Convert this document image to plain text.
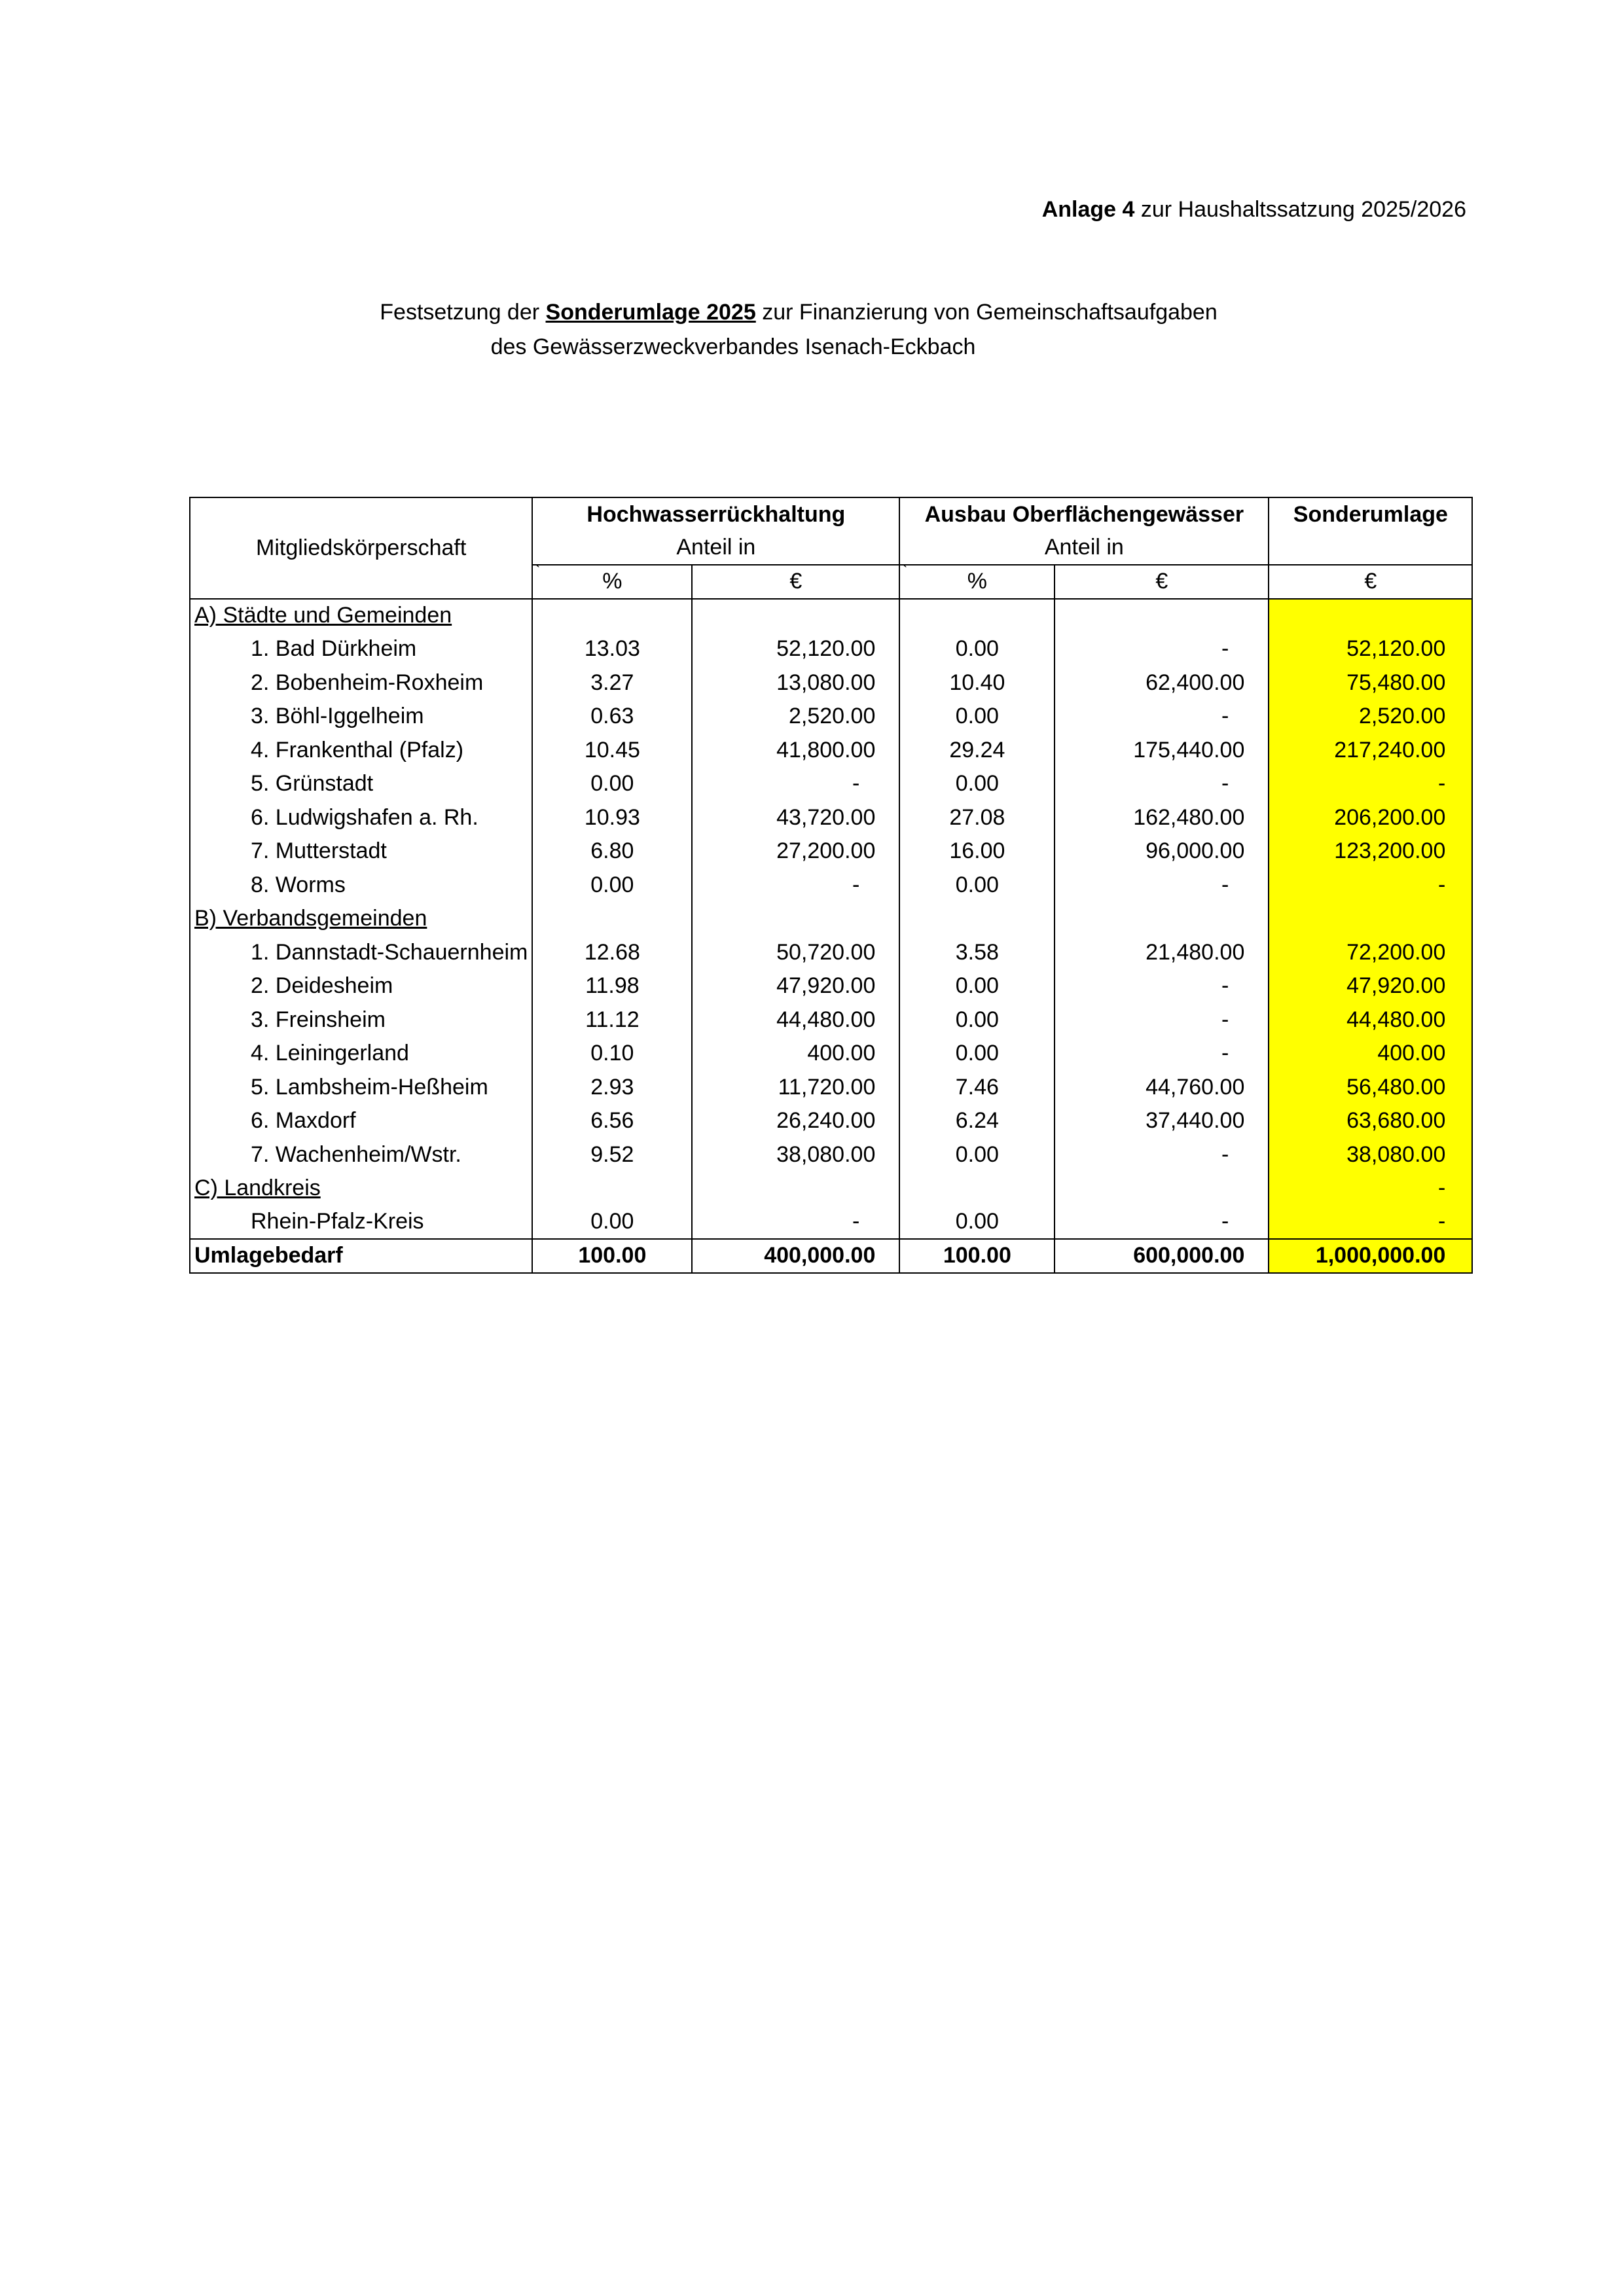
Anlage 4 zur Haushaltssatzung 2025/2026
Festsetzung der Sonderumlage 2025 zur Finanzierung von Gemeinschaftsaufgaben
des Gewässerzweckverbandes Isenach-Eckbach
	Hochwasserrückhaltung		Ausbau Oberflächengewässer		Sonderumlage
Mitgliedskörperschaft	Anteil in		Anteil in		
	` %	€	` %	€	€
A) Städte und Gemeinden					
1. Bad Dürkheim	13.03	52,120.00	0.00	-	52,120.00
2. Bobenheim-Roxheim	3.27	13,080.00	10.40	62,400.00	75,480.00
3. Böhl-Iggelheim	0.63	2,520.00	0.00	-	2,520.00
4. Frankenthal (Pfalz)	10.45	41,800.00	29.24	175,440.00	217,240.00
5. Grünstadt	0.00	-	0.00	-	-
6. Ludwigshafen a. Rh.	10.93	43,720.00	27.08	162,480.00	206,200.00
7. Mutterstadt	6.80	27,200.00	16.00	96,000.00	123,200.00
8. Worms	0.00	-	0.00	-	-
B) Verbandsgemeinden					
1. Dannstadt-Schauernheim	12.68	50,720.00	3.58	21,480.00	72,200.00
2. Deidesheim	11.98	47,920.00	0.00	-	47,920.00
3. Freinsheim	11.12	44,480.00	0.00	-	44,480.00
4. Leiningerland	0.10	400.00	0.00	-	400.00
5. Lambsheim-Heßheim	2.93	11,720.00	7.46	44,760.00	56,480.00
6. Maxdorf	6.56	26,240.00	6.24	37,440.00	63,680.00
7. Wachenheim/Wstr.	9.52	38,080.00	0.00	-	38,080.00
C) Landkreis					-
Rhein-Pfalz-Kreis	0.00	-	0.00	-	-
Umlagebedarf	100.00	400,000.00	100.00	600,000.00	1,000,000.00
